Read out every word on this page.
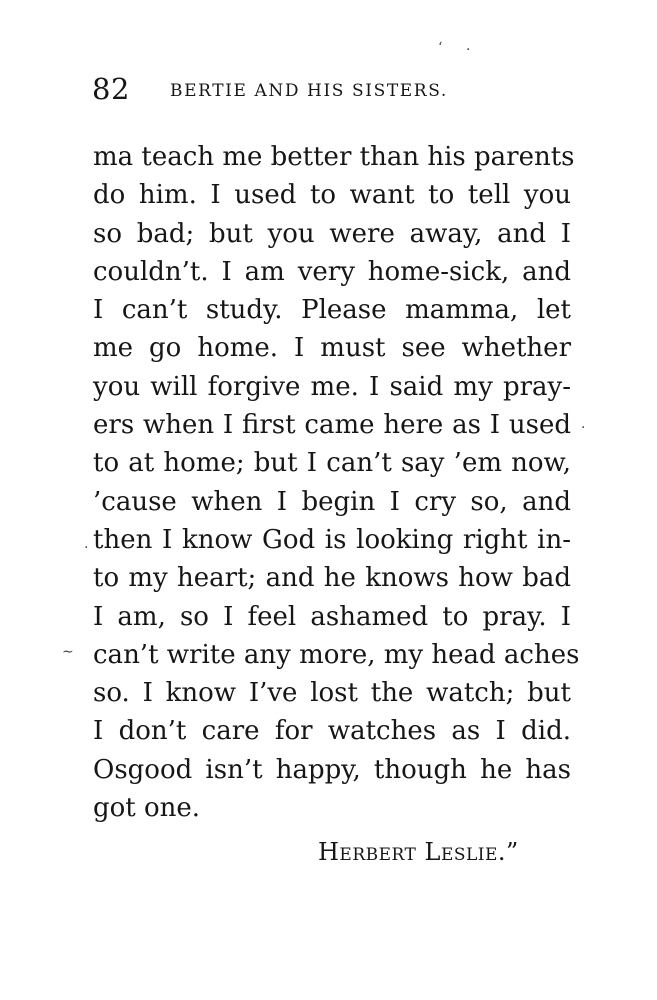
82 BERTIE AND HIS SISTERS.
ma teach me better than his parents
do him. I used to want to tell you
so bad; but you were away, and I
couldn’t. I am very home-sick, and
I can’t study. Please mamma, let
me go home. I must see whether
you will forgive me. I said my pray-
ers when I first came here as I used
to at home; but I can’t say ’em now,
’cause when I begin I cry so, and
then I know God is looking right in-
to my heart; and he knows how bad
I am, so I feel ashamed to pray. I
can’t write any more, my head aches
so. I know I’ve lost the watch; but
I don’t care for watches as I did.
Osgood isn’t happy, though he has
got one.
Herbert Leslie.”
‘ ·
·
∼
·
